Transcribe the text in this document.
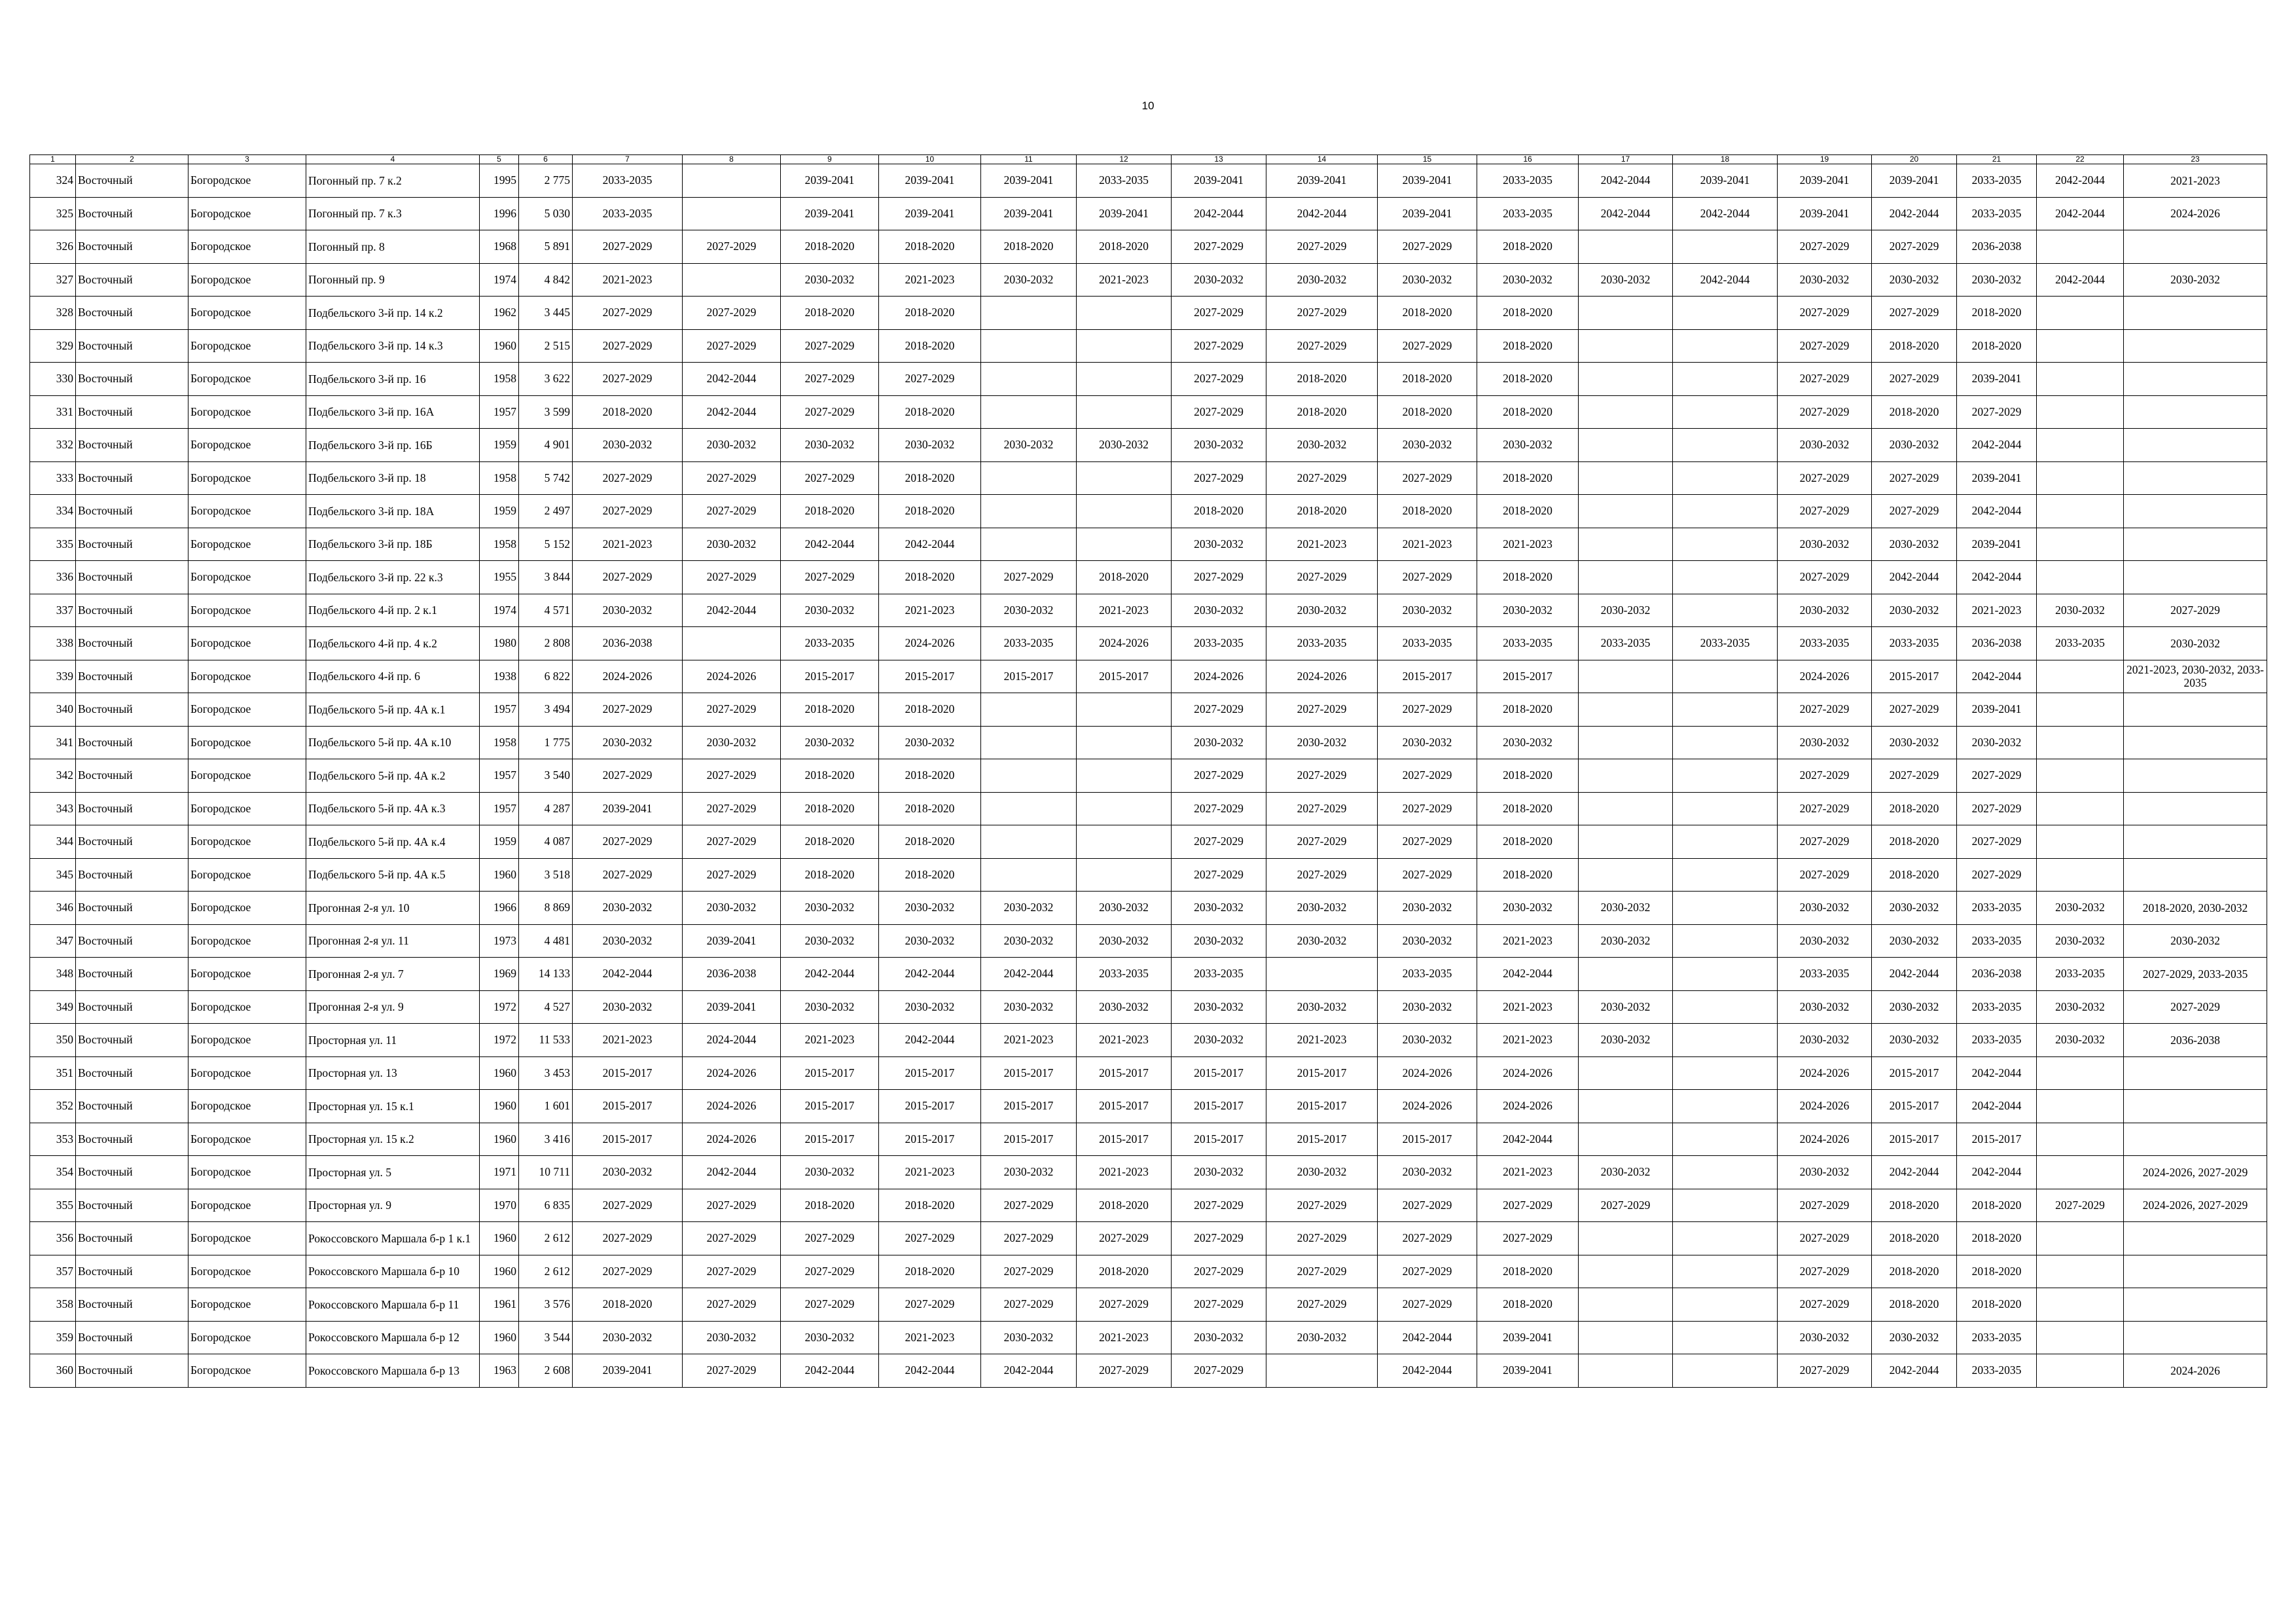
10
1	2	3	4	5	6	7	8	9	10	11	12	13	14	15	16	17	18	19	20	21	22	23
324	Восточный	Богородское	Погонный пр. 7 к.2	1995	2 775	2033-2035		2039-2041	2039-2041	2039-2041	2033-2035	2039-2041	2039-2041	2039-2041	2033-2035	2042-2044	2039-2041	2039-2041	2039-2041	2033-2035	2042-2044	2021-2023
325	Восточный	Богородское	Погонный пр. 7 к.3	1996	5 030	2033-2035		2039-2041	2039-2041	2039-2041	2039-2041	2042-2044	2042-2044	2039-2041	2033-2035	2042-2044	2042-2044	2039-2041	2042-2044	2033-2035	2042-2044	2024-2026
326	Восточный	Богородское	Погонный пр. 8	1968	5 891	2027-2029	2027-2029	2018-2020	2018-2020	2018-2020	2018-2020	2027-2029	2027-2029	2027-2029	2018-2020			2027-2029	2027-2029	2036-2038		
327	Восточный	Богородское	Погонный пр. 9	1974	4 842	2021-2023		2030-2032	2021-2023	2030-2032	2021-2023	2030-2032	2030-2032	2030-2032	2030-2032	2030-2032	2042-2044	2030-2032	2030-2032	2030-2032	2042-2044	2030-2032
328	Восточный	Богородское	Подбельского 3-й пр. 14 к.2	1962	3 445	2027-2029	2027-2029	2018-2020	2018-2020			2027-2029	2027-2029	2018-2020	2018-2020			2027-2029	2027-2029	2018-2020		
329	Восточный	Богородское	Подбельского 3-й пр. 14 к.3	1960	2 515	2027-2029	2027-2029	2027-2029	2018-2020			2027-2029	2027-2029	2027-2029	2018-2020			2027-2029	2018-2020	2018-2020		
330	Восточный	Богородское	Подбельского 3-й пр. 16	1958	3 622	2027-2029	2042-2044	2027-2029	2027-2029			2027-2029	2018-2020	2018-2020	2018-2020			2027-2029	2027-2029	2039-2041		
331	Восточный	Богородское	Подбельского 3-й пр. 16А	1957	3 599	2018-2020	2042-2044	2027-2029	2018-2020			2027-2029	2018-2020	2018-2020	2018-2020			2027-2029	2018-2020	2027-2029		
332	Восточный	Богородское	Подбельского 3-й пр. 16Б	1959	4 901	2030-2032	2030-2032	2030-2032	2030-2032	2030-2032	2030-2032	2030-2032	2030-2032	2030-2032	2030-2032			2030-2032	2030-2032	2042-2044		
333	Восточный	Богородское	Подбельского 3-й пр. 18	1958	5 742	2027-2029	2027-2029	2027-2029	2018-2020			2027-2029	2027-2029	2027-2029	2018-2020			2027-2029	2027-2029	2039-2041		
334	Восточный	Богородское	Подбельского 3-й пр. 18А	1959	2 497	2027-2029	2027-2029	2018-2020	2018-2020			2018-2020	2018-2020	2018-2020	2018-2020			2027-2029	2027-2029	2042-2044		
335	Восточный	Богородское	Подбельского 3-й пр. 18Б	1958	5 152	2021-2023	2030-2032	2042-2044	2042-2044			2030-2032	2021-2023	2021-2023	2021-2023			2030-2032	2030-2032	2039-2041		
336	Восточный	Богородское	Подбельского 3-й пр. 22 к.3	1955	3 844	2027-2029	2027-2029	2027-2029	2018-2020	2027-2029	2018-2020	2027-2029	2027-2029	2027-2029	2018-2020			2027-2029	2042-2044	2042-2044		
337	Восточный	Богородское	Подбельского 4-й пр. 2 к.1	1974	4 571	2030-2032	2042-2044	2030-2032	2021-2023	2030-2032	2021-2023	2030-2032	2030-2032	2030-2032	2030-2032	2030-2032		2030-2032	2030-2032	2021-2023	2030-2032	2027-2029
338	Восточный	Богородское	Подбельского 4-й пр. 4 к.2	1980	2 808	2036-2038		2033-2035	2024-2026	2033-2035	2024-2026	2033-2035	2033-2035	2033-2035	2033-2035	2033-2035	2033-2035	2033-2035	2033-2035	2036-2038	2033-2035	2030-2032
339	Восточный	Богородское	Подбельского 4-й пр. 6	1938	6 822	2024-2026	2024-2026	2015-2017	2015-2017	2015-2017	2015-2017	2024-2026	2024-2026	2015-2017	2015-2017			2024-2026	2015-2017	2042-2044		2021-2023, 2030-2032, 2033-2035
340	Восточный	Богородское	Подбельского 5-й пр. 4А к.1	1957	3 494	2027-2029	2027-2029	2018-2020	2018-2020			2027-2029	2027-2029	2027-2029	2018-2020			2027-2029	2027-2029	2039-2041		
341	Восточный	Богородское	Подбельского 5-й пр. 4А к.10	1958	1 775	2030-2032	2030-2032	2030-2032	2030-2032			2030-2032	2030-2032	2030-2032	2030-2032			2030-2032	2030-2032	2030-2032		
342	Восточный	Богородское	Подбельского 5-й пр. 4А к.2	1957	3 540	2027-2029	2027-2029	2018-2020	2018-2020			2027-2029	2027-2029	2027-2029	2018-2020			2027-2029	2027-2029	2027-2029		
343	Восточный	Богородское	Подбельского 5-й пр. 4А к.3	1957	4 287	2039-2041	2027-2029	2018-2020	2018-2020			2027-2029	2027-2029	2027-2029	2018-2020			2027-2029	2018-2020	2027-2029		
344	Восточный	Богородское	Подбельского 5-й пр. 4А к.4	1959	4 087	2027-2029	2027-2029	2018-2020	2018-2020			2027-2029	2027-2029	2027-2029	2018-2020			2027-2029	2018-2020	2027-2029		
345	Восточный	Богородское	Подбельского 5-й пр. 4А к.5	1960	3 518	2027-2029	2027-2029	2018-2020	2018-2020			2027-2029	2027-2029	2027-2029	2018-2020			2027-2029	2018-2020	2027-2029		
346	Восточный	Богородское	Прогонная 2-я ул. 10	1966	8 869	2030-2032	2030-2032	2030-2032	2030-2032	2030-2032	2030-2032	2030-2032	2030-2032	2030-2032	2030-2032	2030-2032		2030-2032	2030-2032	2033-2035	2030-2032	2018-2020, 2030-2032
347	Восточный	Богородское	Прогонная 2-я ул. 11	1973	4 481	2030-2032	2039-2041	2030-2032	2030-2032	2030-2032	2030-2032	2030-2032	2030-2032	2030-2032	2021-2023	2030-2032		2030-2032	2030-2032	2033-2035	2030-2032	2030-2032
348	Восточный	Богородское	Прогонная 2-я ул. 7	1969	14 133	2042-2044	2036-2038	2042-2044	2042-2044	2042-2044	2033-2035	2033-2035		2033-2035	2042-2044			2033-2035	2042-2044	2036-2038	2033-2035	2027-2029, 2033-2035
349	Восточный	Богородское	Прогонная 2-я ул. 9	1972	4 527	2030-2032	2039-2041	2030-2032	2030-2032	2030-2032	2030-2032	2030-2032	2030-2032	2030-2032	2021-2023	2030-2032		2030-2032	2030-2032	2033-2035	2030-2032	2027-2029
350	Восточный	Богородское	Просторная ул. 11	1972	11 533	2021-2023	2024-2044	2021-2023	2042-2044	2021-2023	2021-2023	2030-2032	2021-2023	2030-2032	2021-2023	2030-2032		2030-2032	2030-2032	2033-2035	2030-2032	2036-2038
351	Восточный	Богородское	Просторная ул. 13	1960	3 453	2015-2017	2024-2026	2015-2017	2015-2017	2015-2017	2015-2017	2015-2017	2015-2017	2024-2026	2024-2026			2024-2026	2015-2017	2042-2044		
352	Восточный	Богородское	Просторная ул. 15 к.1	1960	1 601	2015-2017	2024-2026	2015-2017	2015-2017	2015-2017	2015-2017	2015-2017	2015-2017	2024-2026	2024-2026			2024-2026	2015-2017	2042-2044		
353	Восточный	Богородское	Просторная ул. 15 к.2	1960	3 416	2015-2017	2024-2026	2015-2017	2015-2017	2015-2017	2015-2017	2015-2017	2015-2017	2015-2017	2042-2044			2024-2026	2015-2017	2015-2017		
354	Восточный	Богородское	Просторная ул. 5	1971	10 711	2030-2032	2042-2044	2030-2032	2021-2023	2030-2032	2021-2023	2030-2032	2030-2032	2030-2032	2021-2023	2030-2032		2030-2032	2042-2044	2042-2044		2024-2026, 2027-2029
355	Восточный	Богородское	Просторная ул. 9	1970	6 835	2027-2029	2027-2029	2018-2020	2018-2020	2027-2029	2018-2020	2027-2029	2027-2029	2027-2029	2027-2029	2027-2029		2027-2029	2018-2020	2018-2020	2027-2029	2024-2026, 2027-2029
356	Восточный	Богородское	Рокоссовского Маршала б-р 1 к.1	1960	2 612	2027-2029	2027-2029	2027-2029	2027-2029	2027-2029	2027-2029	2027-2029	2027-2029	2027-2029	2027-2029			2027-2029	2018-2020	2018-2020		
357	Восточный	Богородское	Рокоссовского Маршала б-р 10	1960	2 612	2027-2029	2027-2029	2027-2029	2018-2020	2027-2029	2018-2020	2027-2029	2027-2029	2027-2029	2018-2020			2027-2029	2018-2020	2018-2020		
358	Восточный	Богородское	Рокоссовского Маршала б-р 11	1961	3 576	2018-2020	2027-2029	2027-2029	2027-2029	2027-2029	2027-2029	2027-2029	2027-2029	2027-2029	2018-2020			2027-2029	2018-2020	2018-2020		
359	Восточный	Богородское	Рокоссовского Маршала б-р 12	1960	3 544	2030-2032	2030-2032	2030-2032	2021-2023	2030-2032	2021-2023	2030-2032	2030-2032	2042-2044	2039-2041			2030-2032	2030-2032	2033-2035		
360	Восточный	Богородское	Рокоссовского Маршала б-р 13	1963	2 608	2039-2041	2027-2029	2042-2044	2042-2044	2042-2044	2027-2029	2027-2029		2042-2044	2039-2041			2027-2029	2042-2044	2033-2035		2024-2026
